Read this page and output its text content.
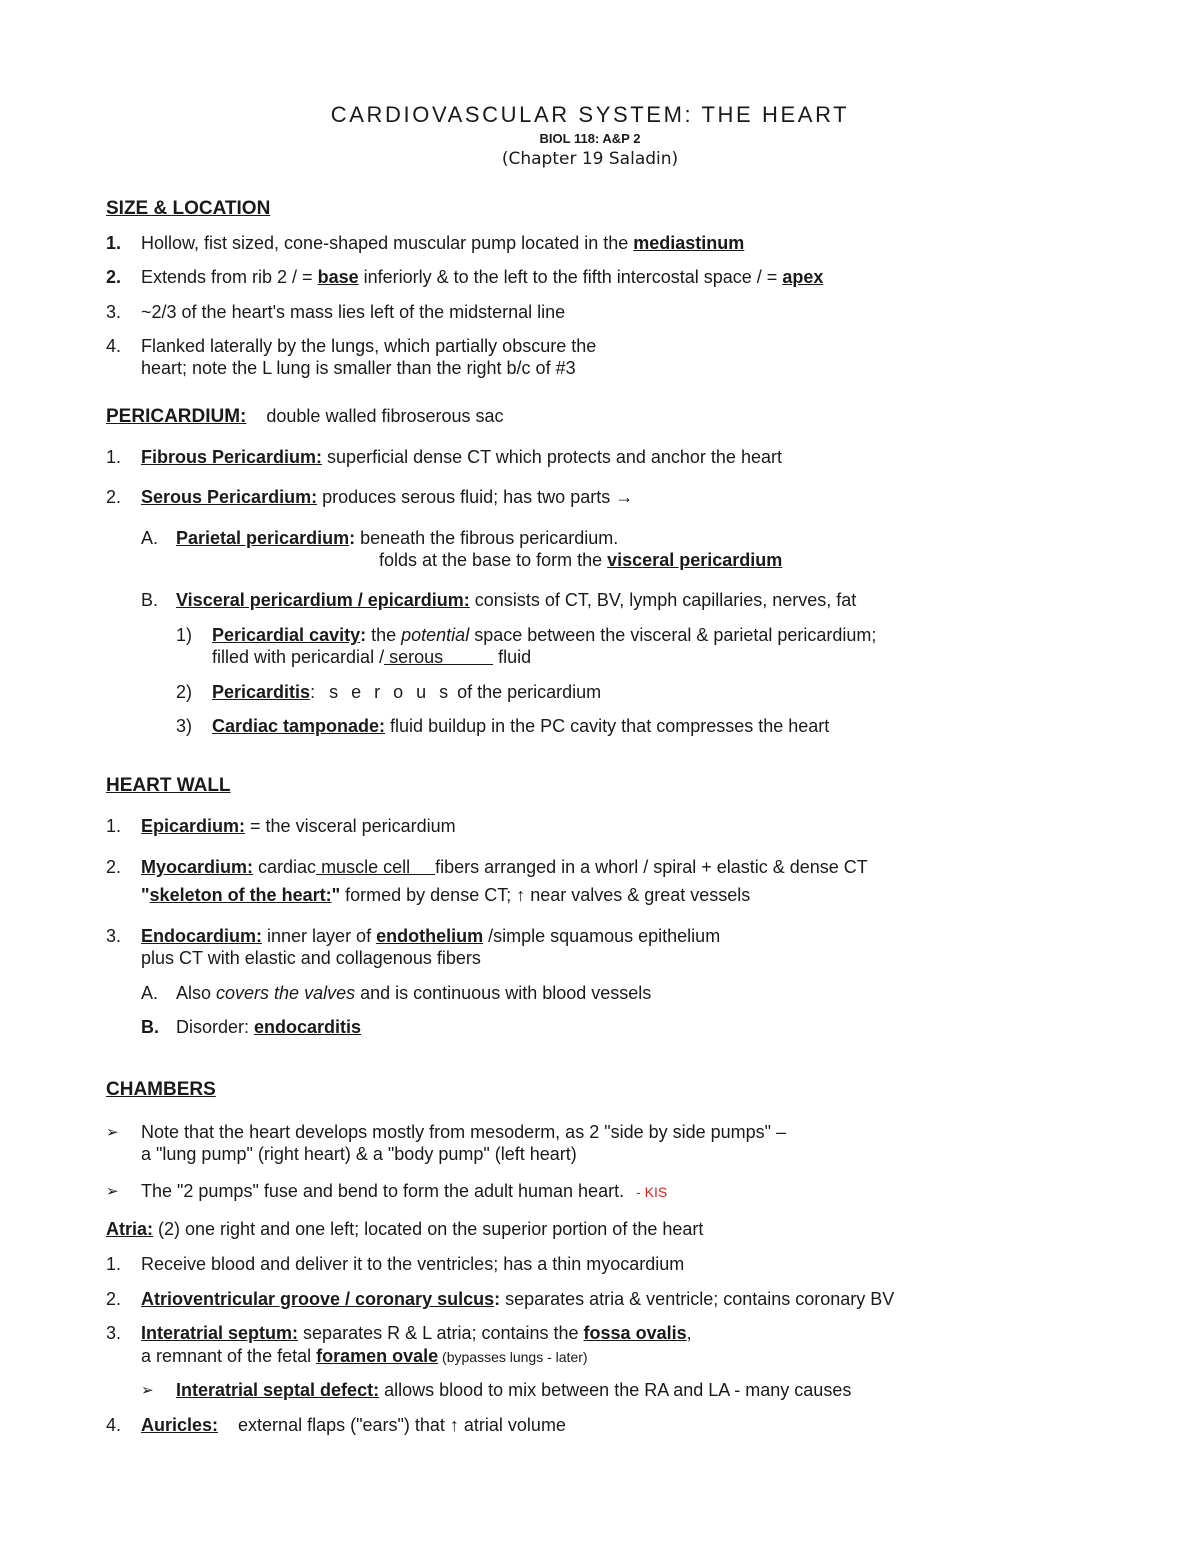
CARDIOVASCULAR SYSTEM: THE HEART
BIOL 118: A&P 2
(Chapter 19 Saladin)
SIZE & LOCATION
1. Hollow, fist sized, cone-shaped muscular pump located in the mediastinum
2. Extends from rib 2 / = base inferiorly & to the left to the fifth intercostal space / = apex
3. ~2/3 of the heart's mass lies left of the midsternal line
4. Flanked laterally by the lungs, which partially obscure the
heart; note the L lung is smaller than the right b/c of #3
PERICARDIUM: double walled fibroserous sac
1. Fibrous Pericardium: superficial dense CT which protects and anchor the heart
2. Serous Pericardium: produces serous fluid; has two parts →
A. Parietal pericardium: beneath the fibrous pericardium.
folds at the base to form the visceral pericardium
B. Visceral pericardium / epicardium: consists of CT, BV, lymph capillaries, nerves, fat
1) Pericardial cavity: the potential space between the visceral & parietal pericardium;
filled with pericardial / serous           fluid
2) Pericarditis: s e r o u s of the pericardium
3) Cardiac tamponade: fluid buildup in the PC cavity that compresses the heart
HEART WALL
1. Epicardium: = the visceral pericardium
2. Myocardium: cardiac muscle cell     fibers arranged in a whorl / spiral + elastic & dense CT
"skeleton of the heart:" formed by dense CT; ↑ near valves & great vessels
3. Endocardium: inner layer of endothelium /simple squamous epithelium
plus CT with elastic and collagenous fibers
A. Also covers the valves and is continuous with blood vessels
B. Disorder: endocarditis
CHAMBERS
➢ Note that the heart develops mostly from mesoderm, as 2 "side by side pumps" –
a "lung pump" (right heart) & a "body pump" (left heart)
➢ The "2 pumps" fuse and bend to form the adult human heart. - KIS
Atria: (2) one right and one left; located on the superior portion of the heart
1. Receive blood and deliver it to the ventricles; has a thin myocardium
2. Atrioventricular groove / coronary sulcus: separates atria & ventricle; contains coronary BV
3. Interatrial septum: separates R & L atria; contains the fossa ovalis,
a remnant of the fetal foramen ovale (bypasses lungs - later)
➢ Interatrial septal defect: allows blood to mix between the RA and LA - many causes
4. Auricles:    external flaps ("ears") that ↑ atrial volume
